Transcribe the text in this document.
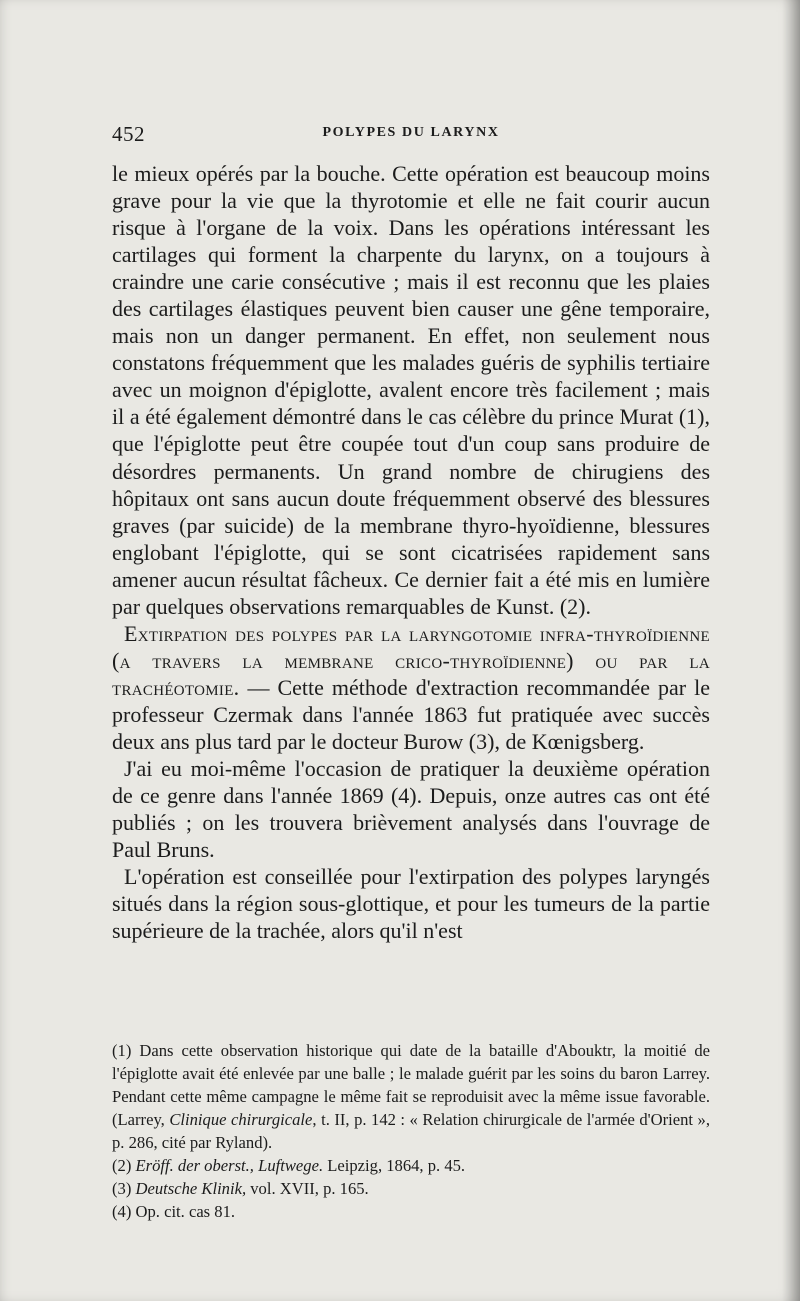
452	POLYPES DU LARYNX

le mieux opérés par la bouche. Cette opération est beaucoup moins grave pour la vie que la thyrotomie et elle ne fait courir aucun risque à l'organe de la voix. Dans les opérations intéressant les cartilages qui forment la charpente du larynx, on a toujours à craindre une carie consécutive ; mais il est reconnu que les plaies des cartilages élastiques peuvent bien causer une gêne temporaire, mais non un danger permanent. En effet, non seulement nous constatons fréquemment que les malades guéris de syphilis tertiaire avec un moignon d'épiglotte, avalent encore très facilement ; mais il a été également démontré dans le cas célèbre du prince Murat (1), que l'épiglotte peut être coupée tout d'un coup sans produire de désordres permanents. Un grand nombre de chirugiens des hôpitaux ont sans aucun doute fréquemment observé des blessures graves (par suicide) de la membrane thyro-hyoïdienne, blessures englobant l'épiglotte, qui se sont cicatrisées rapidement sans amener aucun résultat fâcheux. Ce dernier fait a été mis en lumière par quelques observations remarquables de Kunst. (2).

Extirpation des polypes par la laryngotomie infra-thyroïdienne (a travers la membrane crico-thyroïdienne) ou par la trachéotomie. — Cette méthode d'extraction recommandée par le professeur Czermak dans l'année 1863 fut pratiquée avec succès deux ans plus tard par le docteur Burow (3), de Kœnigsberg.

J'ai eu moi-même l'occasion de pratiquer la deuxième opération de ce genre dans l'année 1869 (4). Depuis, onze autres cas ont été publiés ; on les trouvera brièvement analysés dans l'ouvrage de Paul Bruns.

L'opération est conseillée pour l'extirpation des polypes laryngés situés dans la région sous-glottique, et pour les tumeurs de la partie supérieure de la trachée, alors qu'il n'est

(1) Dans cette observation historique qui date de la bataille d'Abouktr, la moitié de l'épiglotte avait été enlevée par une balle ; le malade guérit par les soins du baron Larrey. Pendant cette même campagne le même fait se reproduisit avec la même issue favorable. (Larrey, Clinique chirurgicale, t. II, p. 142 : « Relation chirurgicale de l'armée d'Orient », p. 286, cité par Ryland).

(2) Eröff. der oberst., Luftwege. Leipzig, 1864, p. 45.

(3) Deutsche Klinik, vol. XVII, p. 165.

(4) Op. cit. cas 81.
